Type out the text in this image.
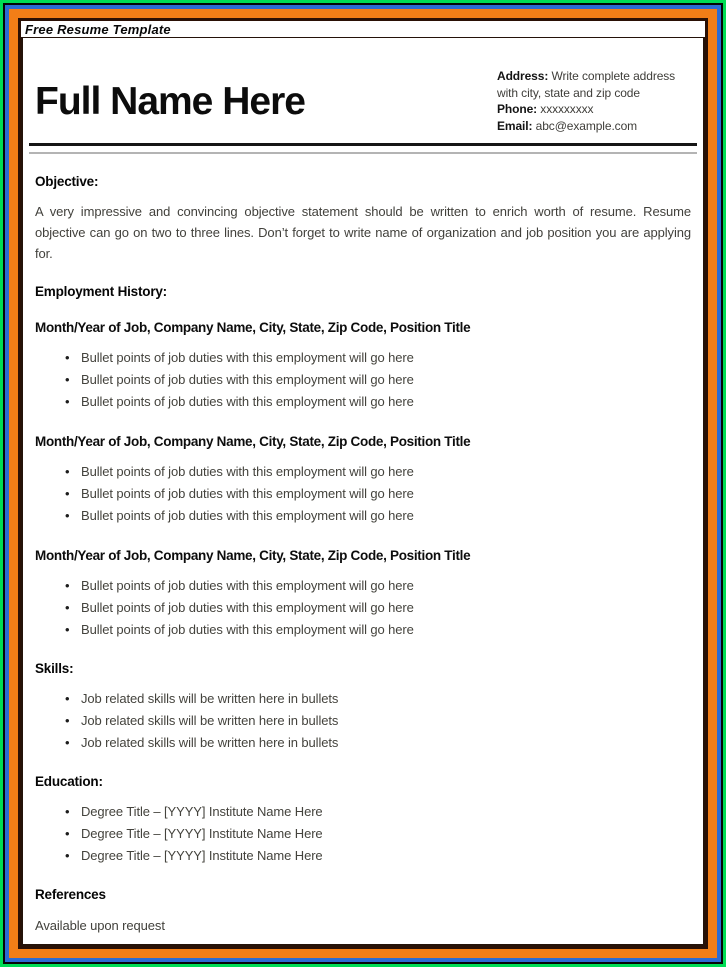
Free Resume Template
Full Name Here
Address: Write complete address with city, state and zip code
Phone: xxxxxxxxx
Email: abc@example.com
Objective:

A very impressive and convincing objective statement should be written to enrich worth of resume. Resume objective can go on two to three lines. Don’t forget to write name of organization and job position you are applying for.

Employment History:
Month/Year of Job, Company Name, City, State, Zip Code, Position Title
• Bullet points of job duties with this employment will go here
• Bullet points of job duties with this employment will go here
• Bullet points of job duties with this employment will go here
Month/Year of Job, Company Name, City, State, Zip Code, Position Title
• Bullet points of job duties with this employment will go here
• Bullet points of job duties with this employment will go here
• Bullet points of job duties with this employment will go here
Month/Year of Job, Company Name, City, State, Zip Code, Position Title
• Bullet points of job duties with this employment will go here
• Bullet points of job duties with this employment will go here
• Bullet points of job duties with this employment will go here
Skills:
• Job related skills will be written here in bullets
• Job related skills will be written here in bullets
• Job related skills will be written here in bullets
Education:
• Degree Title – [YYYY] Institute Name Here
• Degree Title – [YYYY] Institute Name Here
• Degree Title – [YYYY] Institute Name Here
References

Available upon request
